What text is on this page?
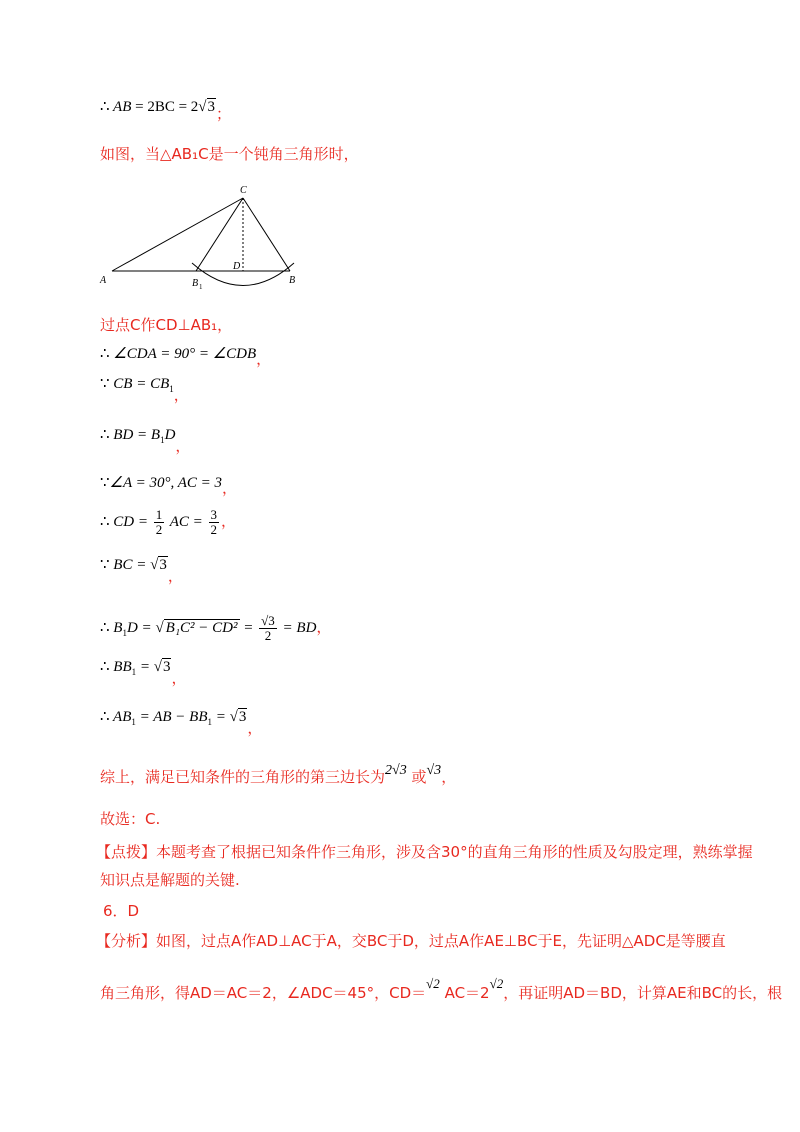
∴ AB = 2BC = 2√3；
如图，当△AB₁C是一个钝角三角形时，
C
A
D
B
B 1
过点C作CD⊥AB₁，
∴ ∠CDA = 90° = ∠CDB，
∵ CB = $CB_1$，
∴ BD = $B_1D$，
∵∠A = 30°, AC = 3，
∴ CD = $\frac{1}{2}$ AC = $\frac{3}{2}$ ，
∵ BC = √3，
∴ $B_1D$ = √ $B_1C^2 - CD^2 = \frac{√3}{2}$ = BD，
∴ $BB_1 = √3$，
∴ $AB_1$ = AB − $BB_1 = √3$，
综上，满足已知条件的三角形的第三边长为2√3 或√3，
故选：C.
【点拨】本题考查了根据已知条件作三角形，涉及含30°的直角三角形的性质及勾股定理，熟练掌握
知识点是解题的关键.
6．D
【分析】如图，过点A作AD⊥AC于A，交BC于D，过点A作AE⊥BC于E，先证明△ADC是等腰直
角三角形，得AD＝AC＝2，∠ADC＝45°，CD＝√2 AC＝2√2，再证明AD＝BD，计算AE和BC的长，根
